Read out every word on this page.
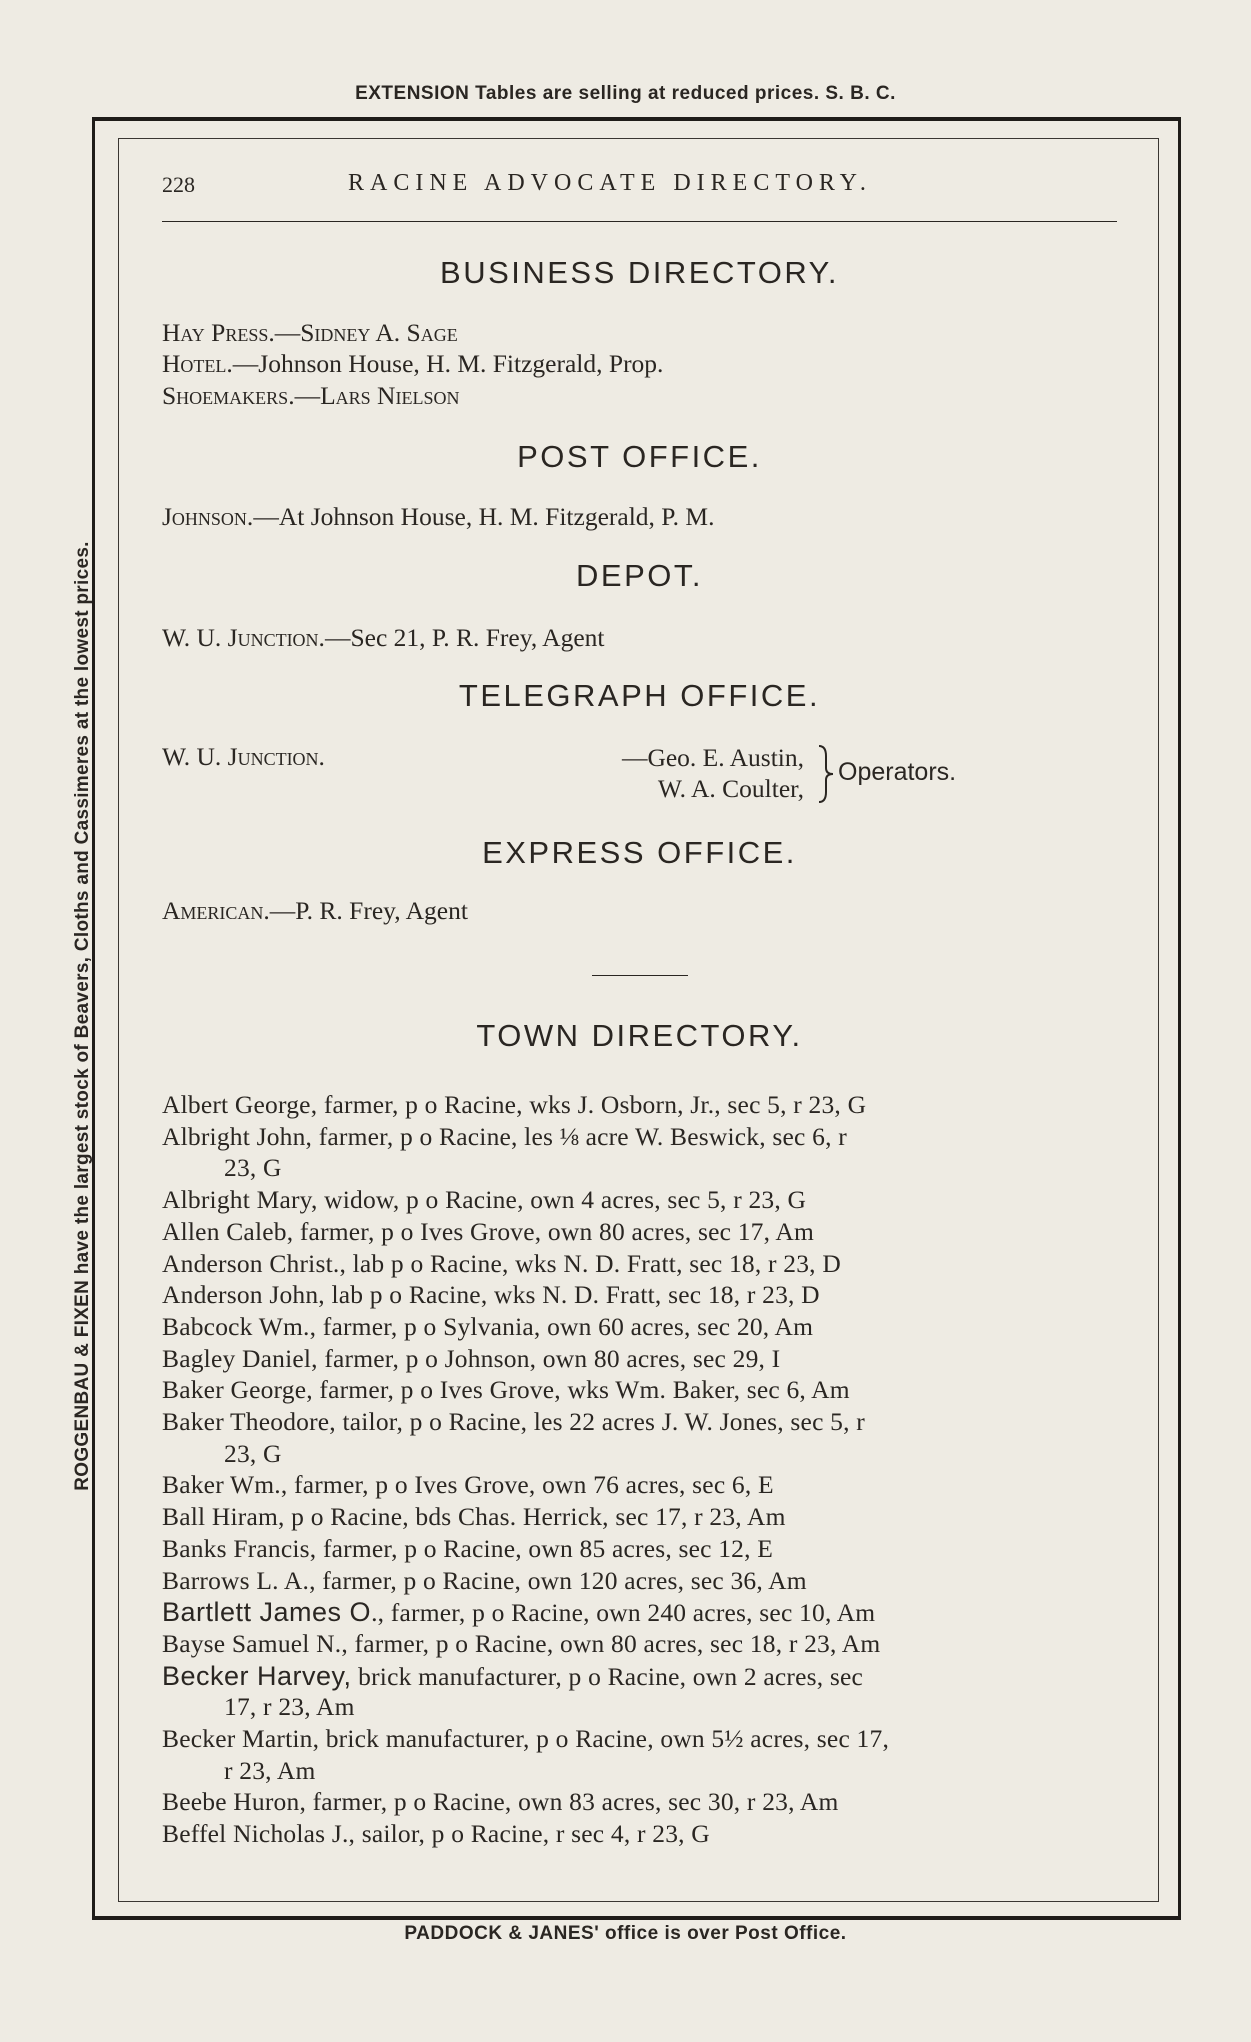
EXTENSION Tables are selling at reduced prices. S. B. C.
ROGGENBAU & FIXEN have the largest stock of Beavers, Cloths and Cassimeres at the lowest prices.
228	RACINE ADVOCATE DIRECTORY.
BUSINESS DIRECTORY.
Hay Press.—Sidney A. Sage
Hotel.—Johnson House, H. M. Fitzgerald, Prop.
Shoemakers.—Lars Nielson
POST OFFICE.
Johnson.—At Johnson House, H. M. Fitzgerald, P. M.
DEPOT.
W. U. Junction.—Sec 21, P. R. Frey, Agent
TELEGRAPH OFFICE.
W. U. Junction.	—Geo. E. Austin,
W. A. Coulter,
Operators.
EXPRESS OFFICE.
American.—P. R. Frey, Agent
TOWN DIRECTORY.
Albert George, farmer, p o Racine, wks J. Osborn, Jr., sec 5, r 23, G
Albright John, farmer, p o Racine, les ⅛ acre W. Beswick, sec 6, r
23, G
Albright Mary, widow, p o Racine, own 4 acres, sec 5, r 23, G
Allen Caleb, farmer, p o Ives Grove, own 80 acres, sec 17, Am
Anderson Christ., lab p o Racine, wks N. D. Fratt, sec 18, r 23, D
Anderson John, lab p o Racine, wks N. D. Fratt, sec 18, r 23, D
Babcock Wm., farmer, p o Sylvania, own 60 acres, sec 20, Am
Bagley Daniel, farmer, p o Johnson, own 80 acres, sec 29, I
Baker George, farmer, p o Ives Grove, wks Wm. Baker, sec 6, Am
Baker Theodore, tailor, p o Racine, les 22 acres J. W. Jones, sec 5, r
23, G
Baker Wm., farmer, p o Ives Grove, own 76 acres, sec 6, E
Ball Hiram, p o Racine, bds Chas. Herrick, sec 17, r 23, Am
Banks Francis, farmer, p o Racine, own 85 acres, sec 12, E
Barrows L. A., farmer, p o Racine, own 120 acres, sec 36, Am
Bartlett James O., farmer, p o Racine, own 240 acres, sec 10, Am
Bayse Samuel N., farmer, p o Racine, own 80 acres, sec 18, r 23, Am
Becker Harvey, brick manufacturer, p o Racine, own 2 acres, sec
17, r 23, Am
Becker Martin, brick manufacturer, p o Racine, own 5½ acres, sec 17,
r 23, Am
Beebe Huron, farmer, p o Racine, own 83 acres, sec 30, r 23, Am
Beffel Nicholas J., sailor, p o Racine, r sec 4, r 23, G
PADDOCK & JANES' office is over Post Office.
